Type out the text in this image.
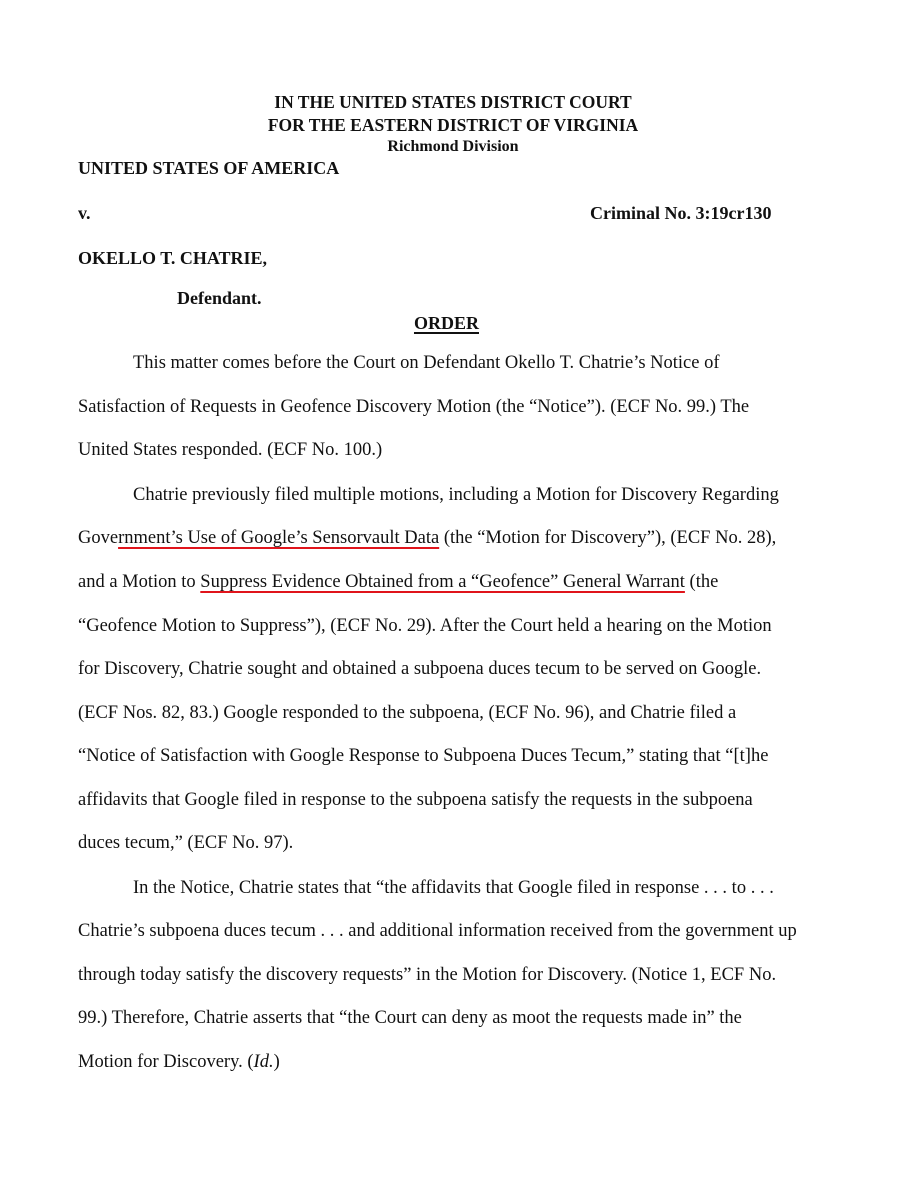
IN THE UNITED STATES DISTRICT COURT
FOR THE EASTERN DISTRICT OF VIRGINIA
Richmond Division
UNITED STATES OF AMERICA
v.	Criminal No. 3:19cr130
OKELLO T. CHATRIE,
Defendant.
ORDER
This matter comes before the Court on Defendant Okello T. Chatrie’s Notice of
Satisfaction of Requests in Geofence Discovery Motion (the “Notice”). (ECF No. 99.) The
United States responded. (ECF No. 100.)
Chatrie previously filed multiple motions, including a Motion for Discovery Regarding
Government’s Use of Google’s Sensorvault Data (the “Motion for Discovery”), (ECF No. 28),
and a Motion to Suppress Evidence Obtained from a “Geofence” General Warrant (the
“Geofence Motion to Suppress”), (ECF No. 29). After the Court held a hearing on the Motion
for Discovery, Chatrie sought and obtained a subpoena duces tecum to be served on Google.
(ECF Nos. 82, 83.) Google responded to the subpoena, (ECF No. 96), and Chatrie filed a
“Notice of Satisfaction with Google Response to Subpoena Duces Tecum,” stating that “[t]he
affidavits that Google filed in response to the subpoena satisfy the requests in the subpoena
duces tecum,” (ECF No. 97).
In the Notice, Chatrie states that “the affidavits that Google filed in response . . . to . . .
Chatrie’s subpoena duces tecum . . . and additional information received from the government up
through today satisfy the discovery requests” in the Motion for Discovery. (Notice 1, ECF No.
99.) Therefore, Chatrie asserts that “the Court can deny as moot the requests made in” the
Motion for Discovery. (Id.)
